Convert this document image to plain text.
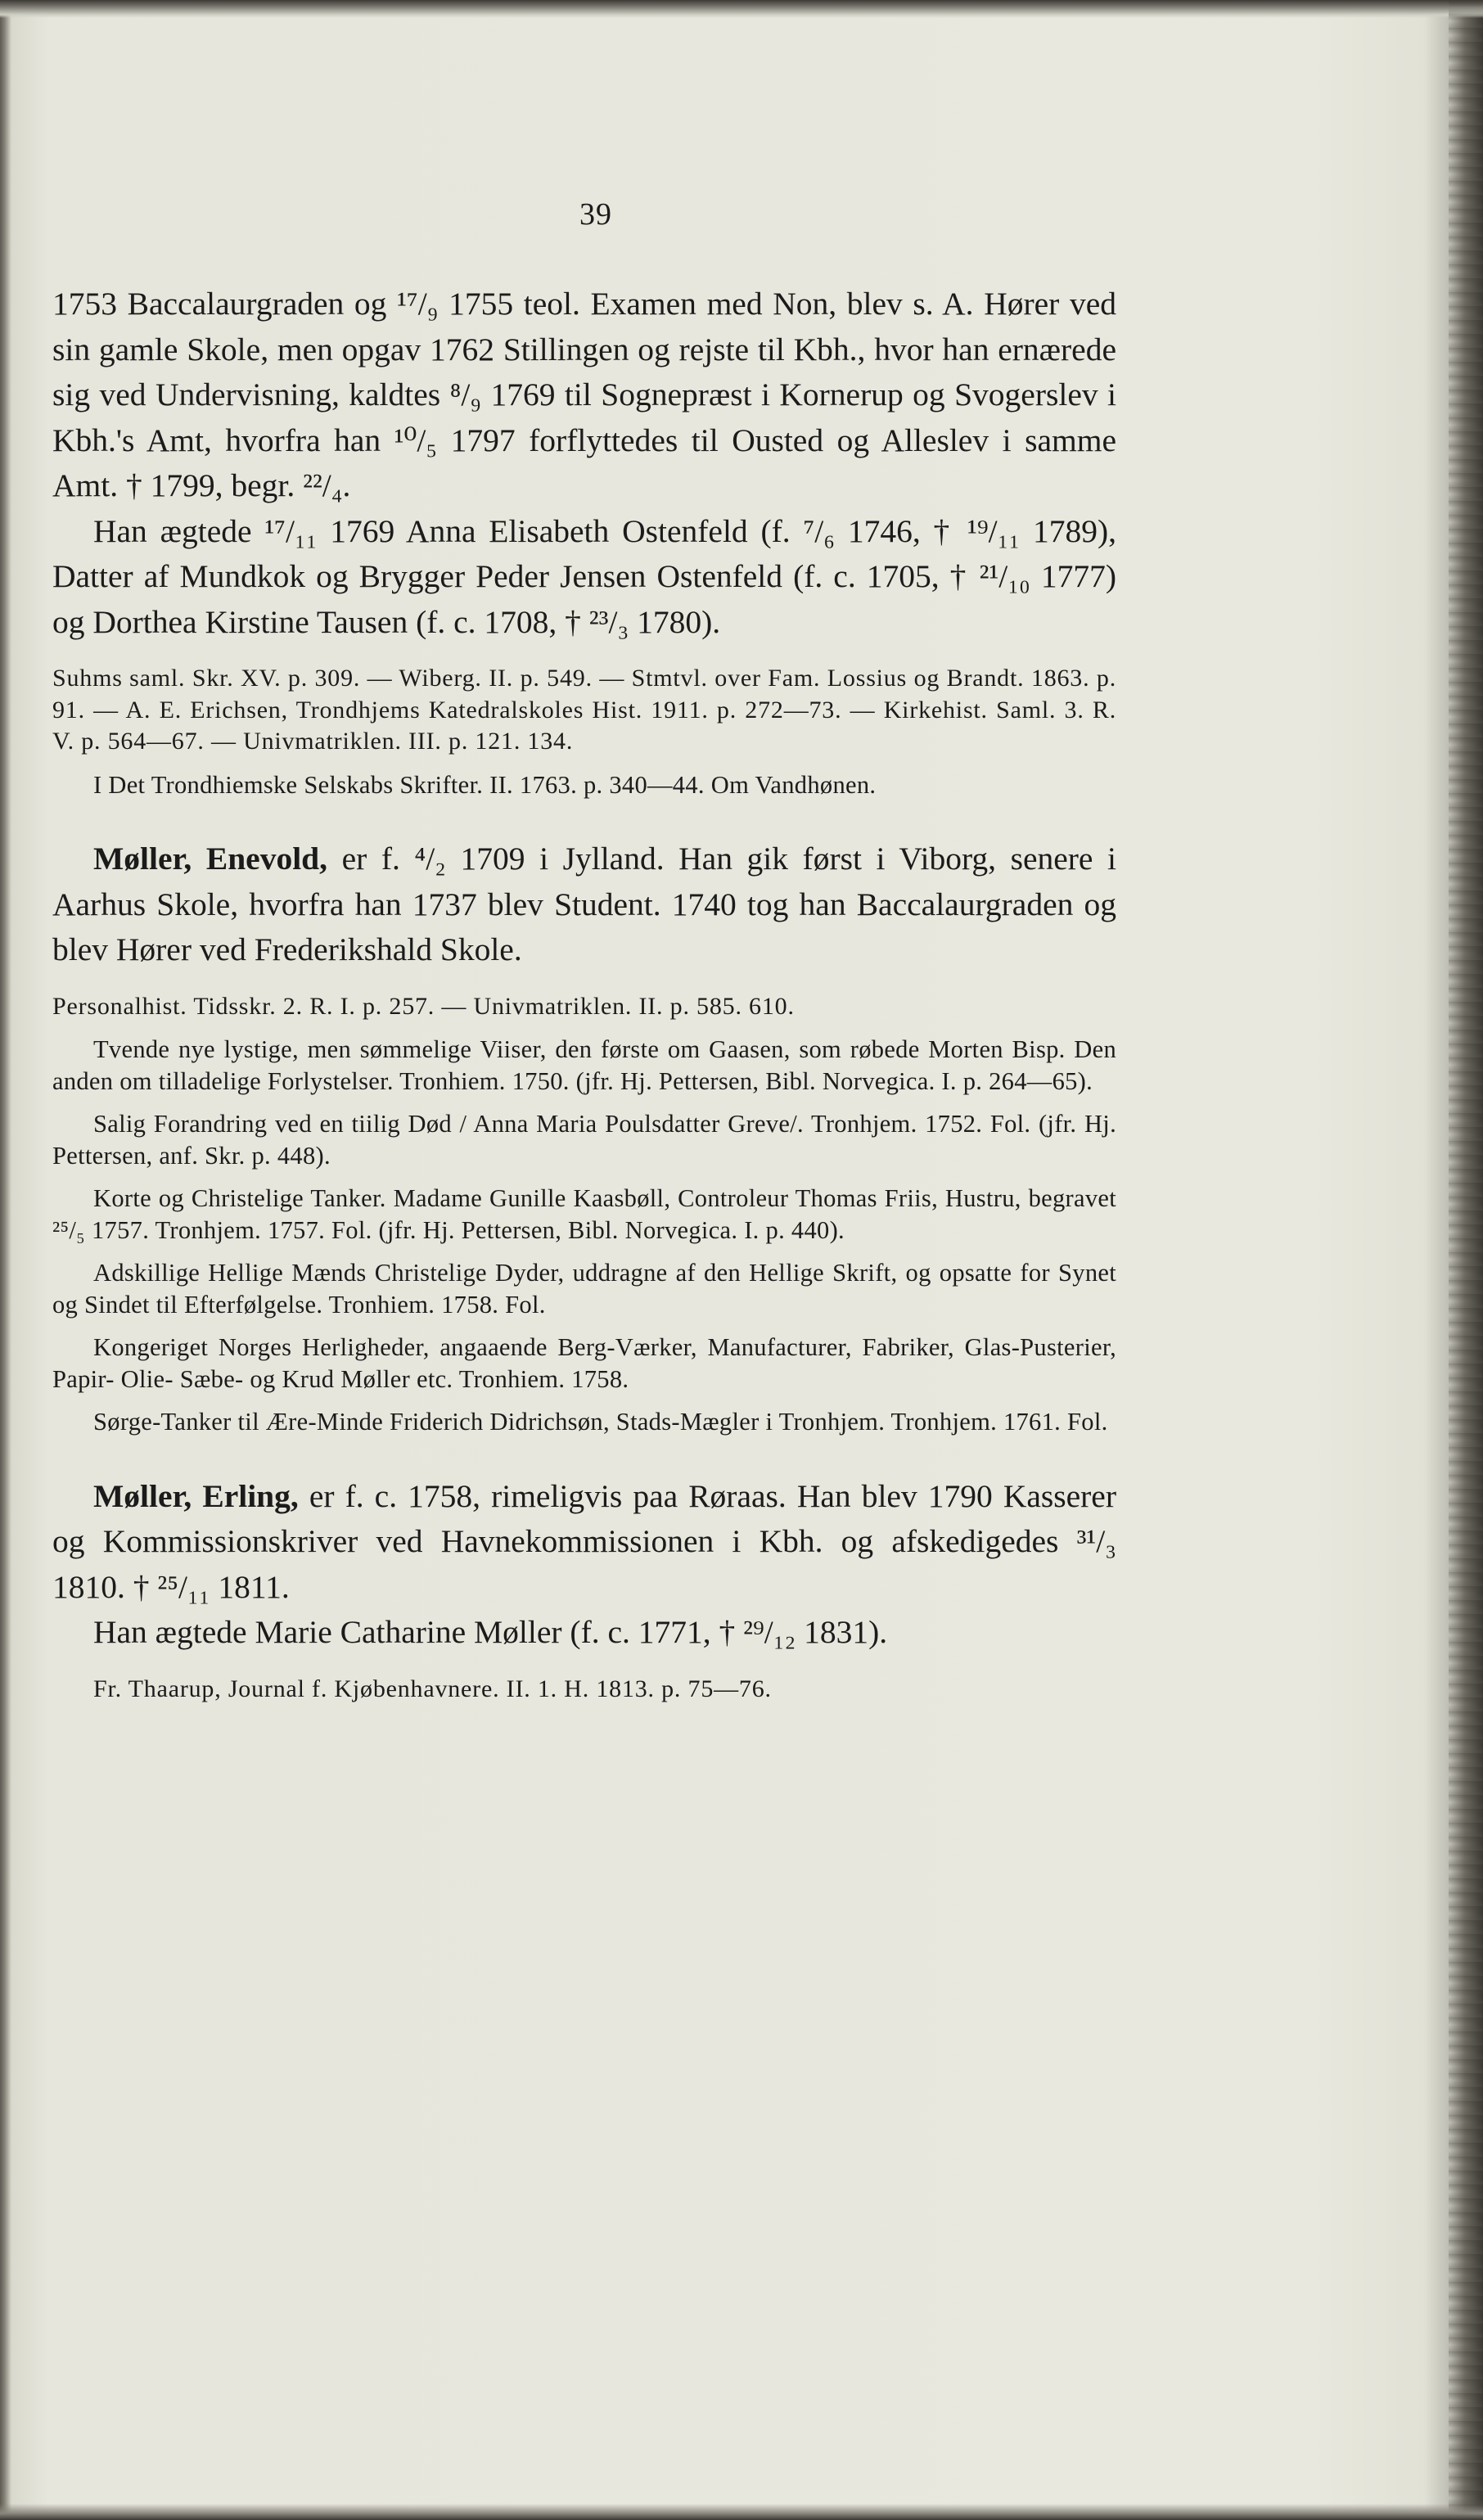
39

1753 Baccalaurgraden og ¹⁷/₉ 1755 teol. Examen med Non, blev s. A. Hører ved sin gamle Skole, men opgav 1762 Stillingen og rejste til Kbh., hvor han ernærede sig ved Undervisning, kaldtes ⁸/₉ 1769 til Sognepræst i Kornerup og Svogerslev i Kbh.'s Amt, hvorfra han ¹⁰/₅ 1797 forflyttedes til Ousted og Alleslev i samme Amt. † 1799, begr. ²²/₄.

Han ægtede ¹⁷/₁₁ 1769 Anna Elisabeth Ostenfeld (f. ⁷/₆ 1746, † ¹⁹/₁₁ 1789), Datter af Mundkok og Brygger Peder Jensen Ostenfeld (f. c. 1705, † ²¹/₁₀ 1777) og Dorthea Kirstine Tausen (f. c. 1708, † ²³/₃ 1780).

Suhms saml. Skr. XV. p. 309. — Wiberg. II. p. 549. — Stmtvl. over Fam. Lossius og Brandt. 1863. p. 91. — A. E. Erichsen, Trondhjems Katedralskoles Hist. 1911. p. 272—73. — Kirkehist. Saml. 3. R. V. p. 564—67. — Univmatriklen. III. p. 121. 134.

I Det Trondhiemske Selskabs Skrifter. II. 1763. p. 340—44. Om Vandhønen.

Møller, Enevold, er f. ⁴/₂ 1709 i Jylland. Han gik først i Viborg, senere i Aarhus Skole, hvorfra han 1737 blev Student. 1740 tog han Baccalaurgraden og blev Hører ved Frederikshald Skole.

Personalhist. Tidsskr. 2. R. I. p. 257. — Univmatriklen. II. p. 585. 610.

Tvende nye lystige, men sømmelige Viiser, den første om Gaasen, som røbede Morten Bisp. Den anden om tilladelige Forlystelser. Tronhiem. 1750. (jfr. Hj. Pettersen, Bibl. Norvegica. I. p. 264—65).

Salig Forandring ved en tiilig Død / Anna Maria Poulsdatter Greve/. Tronhjem. 1752. Fol. (jfr. Hj. Pettersen, anf. Skr. p. 448).

Korte og Christelige Tanker. Madame Gunille Kaasbøll, Controleur Thomas Friis, Hustru, begravet ²⁵/₅ 1757. Tronhjem. 1757. Fol. (jfr. Hj. Pettersen, Bibl. Norvegica. I. p. 440).

Adskillige Hellige Mænds Christelige Dyder, uddragne af den Hellige Skrift, og opsatte for Synet og Sindet til Efterfølgelse. Tronhiem. 1758. Fol.

Kongeriget Norges Herligheder, angaaende Berg-Værker, Manufacturer, Fabriker, Glas-Pusterier, Papir- Olie- Sæbe- og Krud Møller etc. Tronhiem. 1758.

Sørge-Tanker til Ære-Minde Friderich Didrichsøn, Stads-Mægler i Tronhjem. Tronhjem. 1761. Fol.

Møller, Erling, er f. c. 1758, rimeligvis paa Røraas. Han blev 1790 Kasserer og Kommissionskriver ved Havnekommissionen i Kbh. og afskedigedes ³¹/₃ 1810. † ²⁵/₁₁ 1811.

Han ægtede Marie Catharine Møller (f. c. 1771, † ²⁹/₁₂ 1831).

Fr. Thaarup, Journal f. Kjøbenhavnere. II. 1. H. 1813. p. 75—76.
